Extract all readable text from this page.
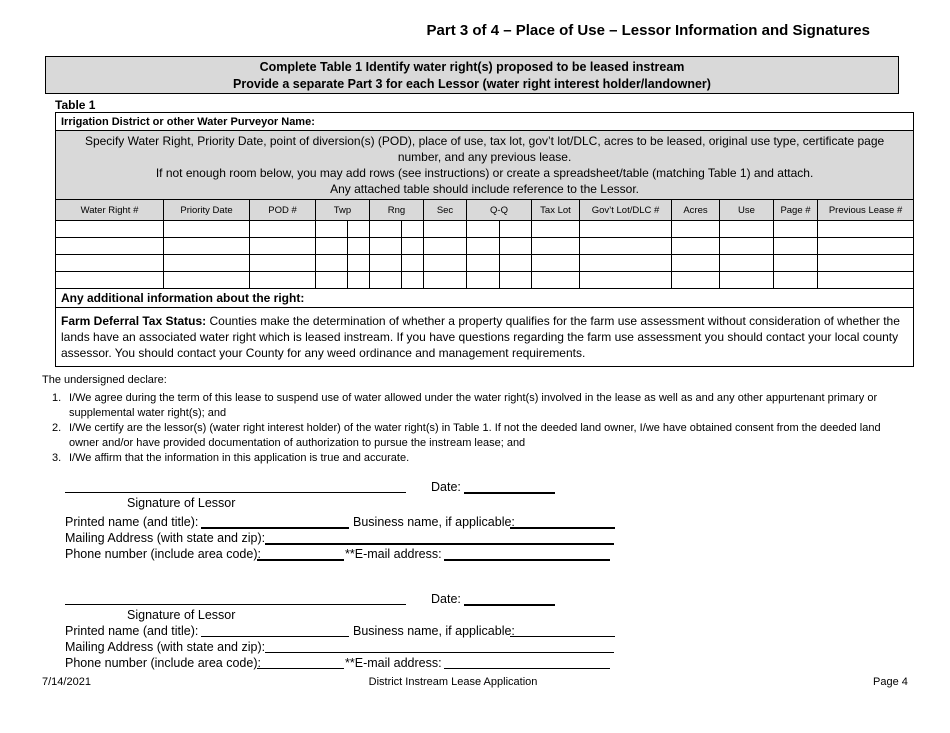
Part 3 of 4 – Place of Use – Lessor Information and Signatures
Complete Table 1 Identify water right(s) proposed to be leased instream
Provide a separate Part 3 for each Lessor (water right interest holder/landowner)
Table 1
Irrigation District or other Water Purveyor Name:															

Specify Water Right, Priority Date, point of diversion(s) (POD), place of use, tax lot, gov’t lot/DLC, acres to be leased, original use type, certificate page number, and any previous lease.
If not enough room below, you may add rows (see instructions) or create a spreadsheet/table (matching Table 1) and attach.
Any attached table should include reference to the Lessor.															

Water Right #	Priority Date	POD #	Twp		Rng		Sec	Q-Q		Tax Lot	Gov’t Lot/DLC #	Acres	Use	Page #	Previous Lease #

Any additional information about the right:															
Farm Deferral Tax Status: Counties make the determination of whether a property qualifies for the farm use assessment without consideration of whether the lands have an associated water right which is leased instream. If you have questions regarding the farm use assessment you should contact your local county assessor. You should contact your County for any weed ordinance and management requirements.															
The undersigned declare:
1. I/We agree during the term of this lease to suspend use of water allowed under the water right(s) involved in the lease as well as and any other appurtenant primary or supplemental water right(s); and
2. I/We certify are the lessor(s) (water right interest holder) of the water right(s) in Table 1. If not the deeded land owner, I/we have obtained consent from the deeded land owner and/or have provided documentation of authorization to pursue the instream lease; and
3. I/We affirm that the information in this application is true and accurate.
Date:
Signature of Lessor
Printed name (and title):	Business name, if applicable:
Mailing Address (with state and zip):
Phone number (include area code):	**E-mail address:
Date:
Signature of Lessor
Printed name (and title):	Business name, if applicable:
Mailing Address (with state and zip):
Phone number (include area code):	**E-mail address:
7/14/2021	District Instream Lease Application	Page 4
